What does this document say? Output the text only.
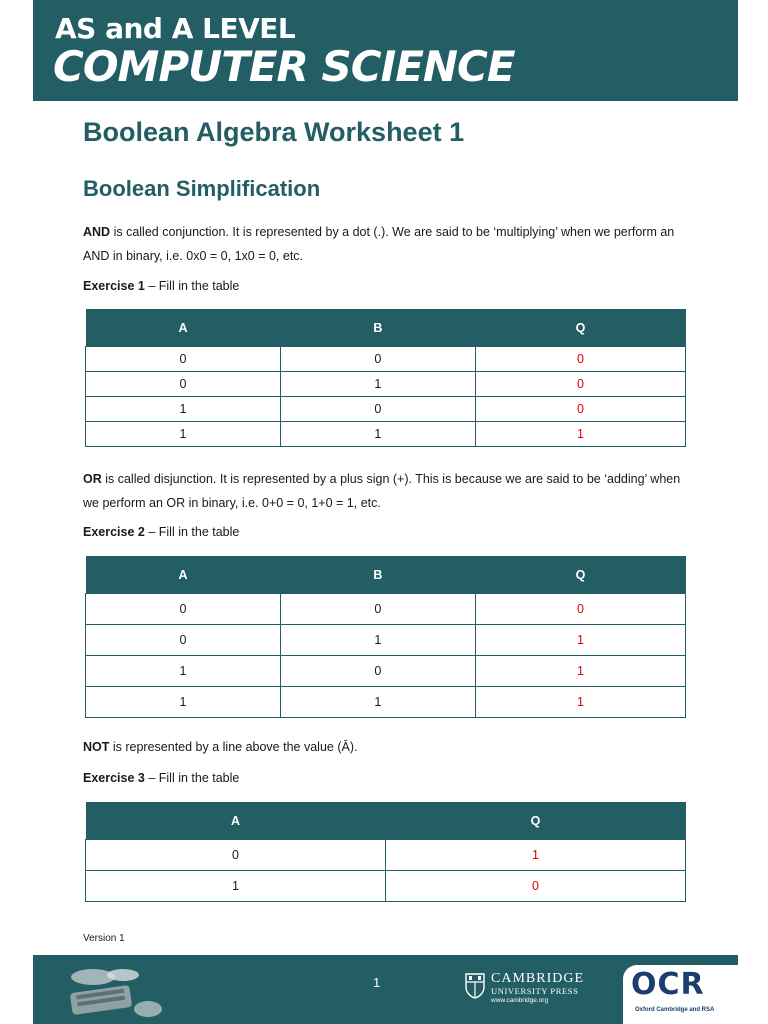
AS and A LEVEL
COMPUTER SCIENCE
Boolean Algebra Worksheet 1
Boolean Simplification
AND is called conjunction. It is represented by a dot (.). We are said to be ‘multiplying’ when we perform an AND in binary, i.e. 0x0 = 0, 1x0 = 0, etc.
Exercise 1 – Fill in the table
A	B	Q
0	0	0
0	1	0
1	0	0
1	1	1
OR is called disjunction. It is represented by a plus sign (+). This is because we are said to be ‘adding’ when we perform an OR in binary, i.e. 0+0 = 0, 1+0 = 1, etc.
Exercise 2 – Fill in the table
A	B	Q
0	0	0
0	1	1
1	0	1
1	1	1
NOT is represented by a line above the value (Ā).
Exercise 3 – Fill in the table
A	Q
0	1
1	0
Version 1
1	CAMBRIDGE
UNIVERSITY PRESS
www.cambridge.org	OCR
Oxford Cambridge and RSA
